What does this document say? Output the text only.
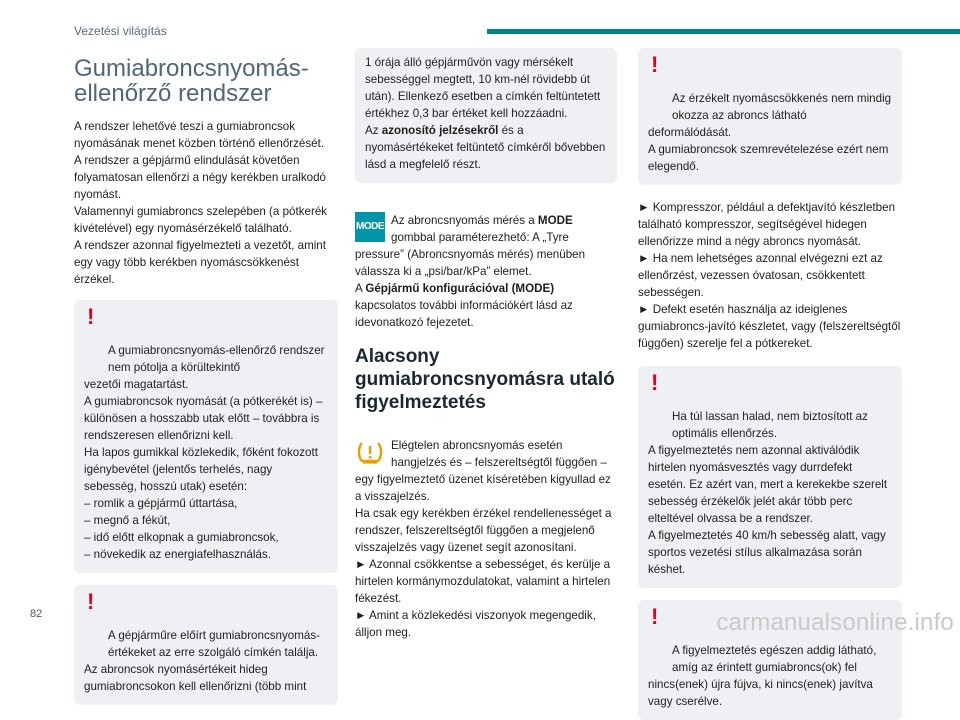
Vezetési világítás
Gumiabroncsnyomás-ellenőrző rendszer

A rendszer lehetővé teszi a gumiabroncsok nyomásának menet közben történő ellenőrzését.
A rendszer a gépjármű elindulását követően folyamatosan ellenőrzi a négy kerékben uralkodó nyomást.
Valamennyi gumiabroncs szelepében (a pótkerék kivételével) egy nyomásérzékelő található.
A rendszer azonnal figyelmezteti a vezetőt, amint egy vagy több kerékben nyomáscsökkenést érzékel.

!

A gumiabroncsnyomás-ellenőrző rendszer nem pótolja a körültekintő
vezetői magatartást.
A gumiabroncsok nyomását (a pótkerékét is) – különösen a hosszabb utak előtt – továbbra is rendszeresen ellenőrizni kell.
Ha lapos gumikkal közlekedik, főként fokozott igénybevétel (jelentős terhelés, nagy sebesség, hosszú utak) esetén:
– romlik a gépjármű úttartása,
– megnő a fékút,
– idő előtt elkopnak a gumiabroncsok,
– növekedik az energiafelhasználás.

!

A gépjárműre előírt gumiabroncsnyomás-értékeket az erre szolgáló címkén találja.
Az abroncsok nyomásértékeit hideg gumiabroncsokon kell ellenőrizni (több mint

1 órája álló gépjárművön vagy mérsékelt sebességgel megtett, 10 km-nél rövidebb út után). Ellenkező esetben a címkén feltüntetett értékhez 0,3 bar értéket kell hozzáadni.
Az azonosító jelzésekről és a nyomásértékeket feltüntető címkéről bővebben lásd a megfelelő részt.

MODE Az abroncsnyomás mérés a MODE gombbal paraméterezhető: A „Tyre pressure” (Abroncsnyomás mérés) menüben válassza ki a „psi/bar/kPa” elemet.
A Gépjármű konfigurációval (MODE) kapcsolatos további információkért lásd az idevonatkozó fejezetet.

Alacsony gumiabroncsnyomásra utaló figyelmeztetés

Elégtelen abroncsnyomás esetén hangjelzés és – felszereltségtől függően – egy figyelmeztető üzenet kíséretében kigyullad ez a visszajelzés.
Ha csak egy kerékben érzékel rendellenességet a rendszer, felszereltségtől függően a megjelenő visszajelzés vagy üzenet segít azonosítani.
► Azonnal csökkentse a sebességet, és kerülje a hirtelen kormánymozdulatokat, valamint a hirtelen fékezést.
► Amint a közlekedési viszonyok megengedik, álljon meg.

!

Az érzékelt nyomáscsökkenés nem mindig okozza az abroncs látható
deformálódását.
A gumiabroncsok szemrevételezése ezért nem elegendő.

► Kompresszor, például a defektjavító készletben található kompresszor, segítségével hidegen ellenőrizze mind a négy abroncs nyomását.
► Ha nem lehetséges azonnal elvégezni ezt az ellenőrzést, vezessen óvatosan, csökkentett sebességen.
► Defekt esetén használja az ideiglenes gumiabroncs-javító készletet, vagy (felszereltségtől függően) szerelje fel a pótkereket.

!

Ha túl lassan halad, nem biztosított az optimális ellenőrzés.
A figyelmeztetés nem azonnal aktiválódik hirtelen nyomásvesztés vagy durrdefekt esetén. Ez azért van, mert a kerekekbe szerelt sebesség érzékelők jelét akár több perc elteltével olvassa be a rendszer.
A figyelmeztetés 40 km/h sebesség alatt, vagy sportos vezetési stílus alkalmazása során késhet.

!

A figyelmeztetés egészen addig látható, amíg az érintett gumiabroncs(ok) fel
nincs(enek) újra fújva, ki nincs(enek) javítva vagy cserélve.

82	carmanualsonline.info
